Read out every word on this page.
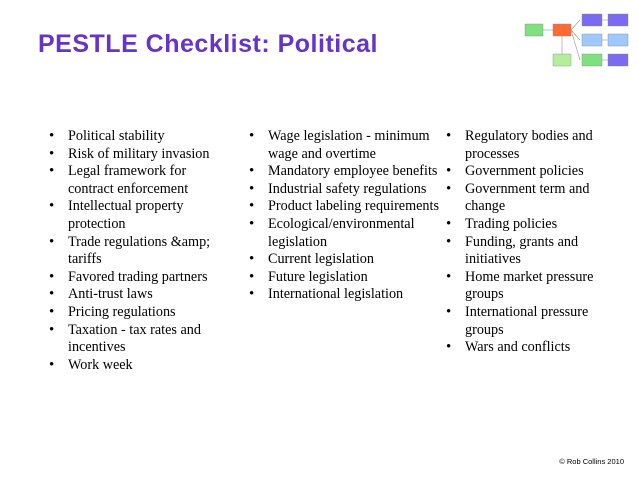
PESTLE Checklist: Political
• Political stability
• Risk of military invasion
• Legal framework for contract enforcement
• Intellectual property protection
• Trade regulations &amp; tariffs
• Favored trading partners
• Anti-trust laws
• Pricing regulations
• Taxation - tax rates and incentives
• Work week
• Wage legislation - minimum wage and overtime
• Mandatory employee benefits
• Industrial safety regulations
• Product labeling requirements
• Ecological/environmental legislation
• Current legislation
• Future legislation
• International legislation
• Regulatory bodies and processes
• Government policies
• Government term and change
• Trading policies
• Funding, grants and initiatives
• Home market pressure groups
• International pressure groups
• Wars and conflicts
© Rob Collins 2010
